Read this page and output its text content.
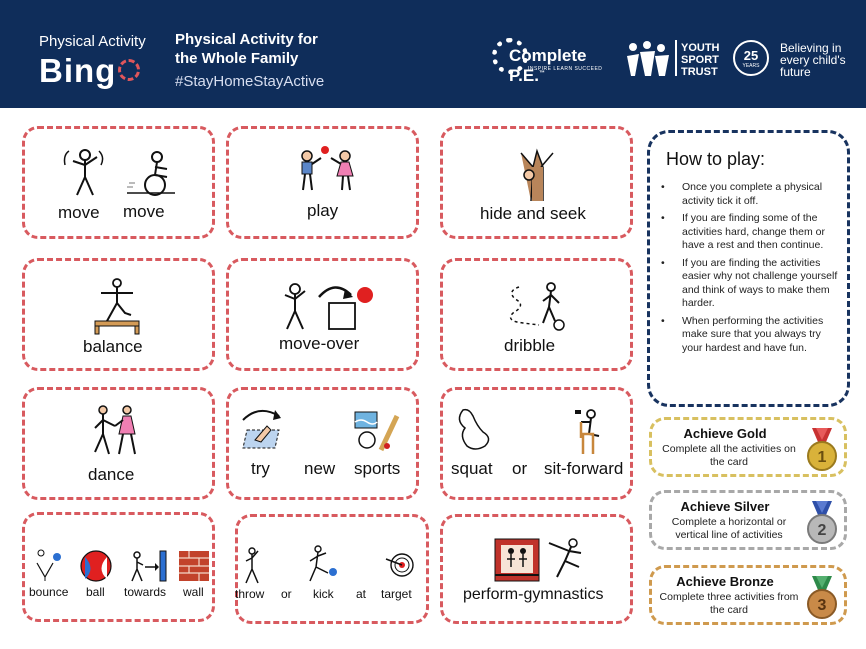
Physical Activity
Bing
Physical Activity for
the Whole Family
#StayHomeStayActive
Complete P.E.™
INSPIRE LEARN SUCCEED
YOUTH
SPORT
TRUST
25
YEARS
Believing in
every child's
future
move move	play	hide and seek
balance	move-over	dribble
dance	try new sports	squat or sit-forward
bounce ball towards wall	throw or kick at target	perform-gymnastics
How to play:
• Once you complete a physical activity tick it off.
• If you are finding some of the activities hard, change them or have a rest and then continue.
• If you are finding the activities easier why not challenge yourself and think of ways to make them harder.
• When performing the activities make sure that you always try your hardest and have fun.
Achieve Gold
Complete all the activities on the card	1
Achieve Silver
Complete a horizontal or vertical line of activities	2
Achieve Bronze
Complete three activities from the card	3
